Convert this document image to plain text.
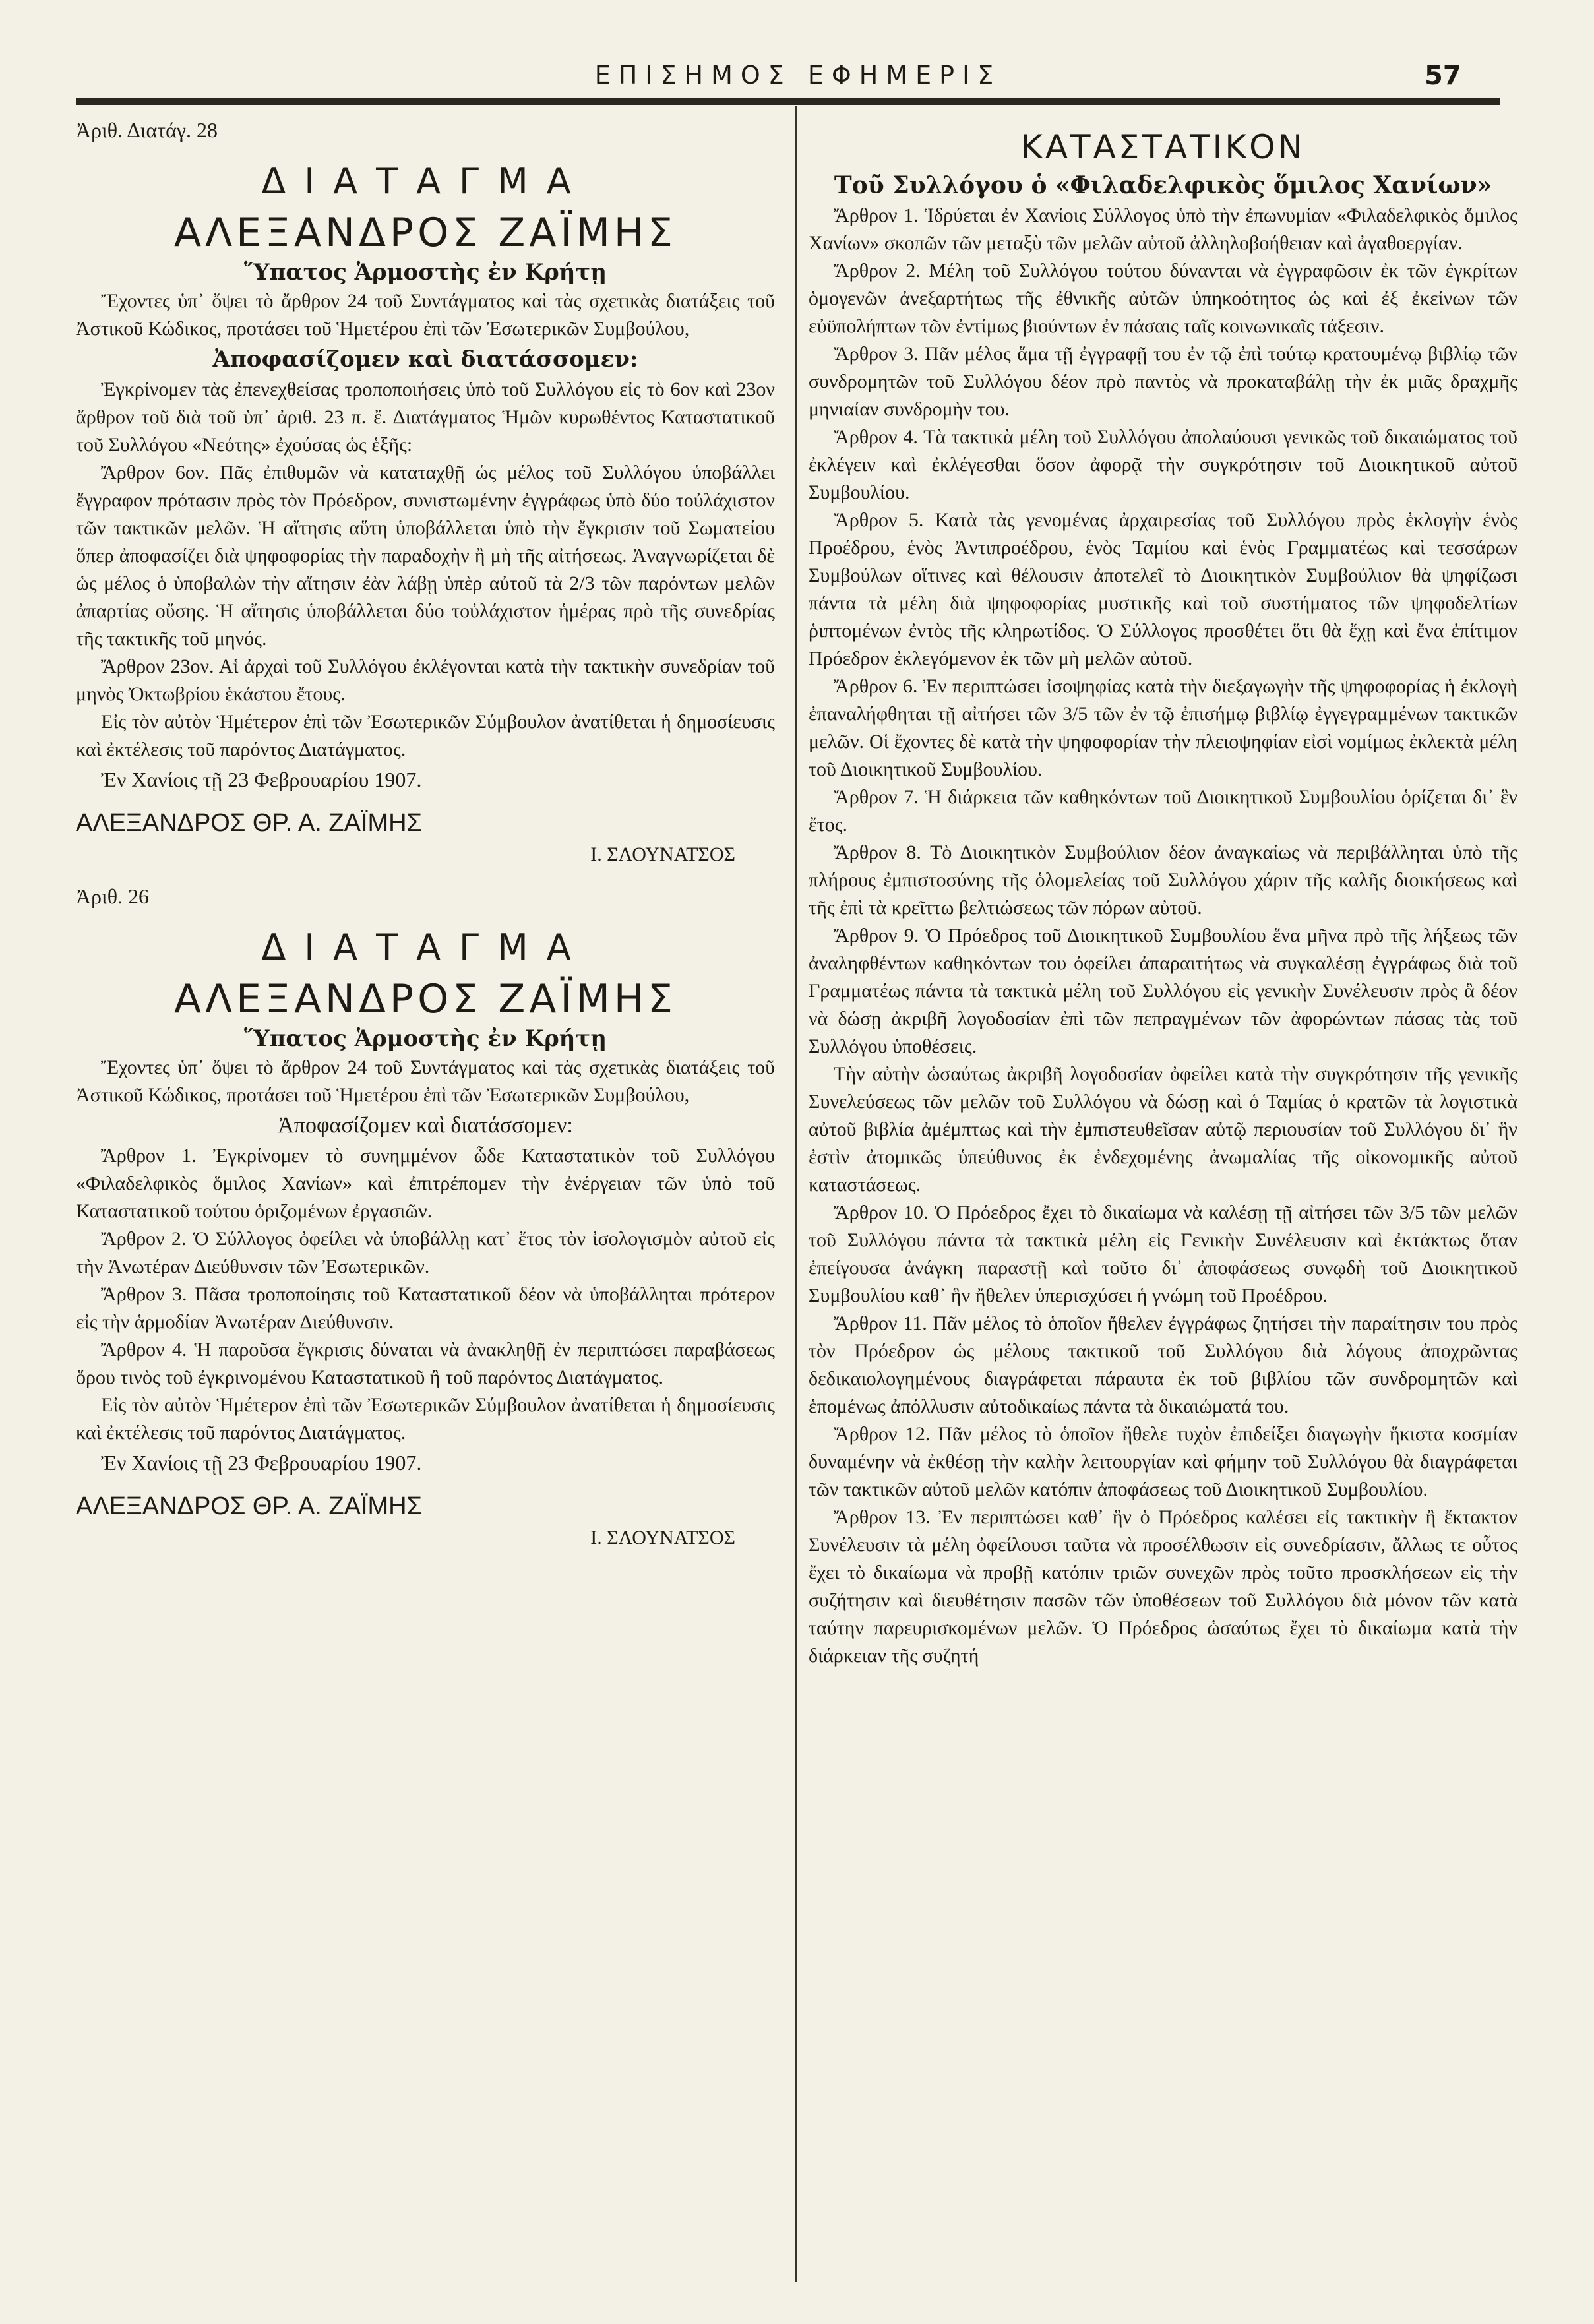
ΕΠΙΣΗΜΟΣ ΕΦΗΜΕΡΙΣ	57
Ἀριθ. Διατάγ. 28
ΔΙΑΤΑΓΜΑ
ΑΛΕΞΑΝΔΡΟΣ ΖΑΪΜΗΣ
Ὕπατος Ἁρμοστὴς ἐν Κρήτῃ

Ἔχοντες ὑπ᾽ ὄψει τὸ ἄρθρον 24 τοῦ Συντάγματος καὶ τὰς σχετικὰς διατάξεις τοῦ Ἀστικοῦ Κώδικος, προτάσει τοῦ Ἡμετέρου ἐπὶ τῶν Ἐσωτερικῶν Συμβούλου,

Ἀποφασίζομεν καὶ διατάσσομεν:

Ἐγκρίνομεν τὰς ἐπενεχθείσας τροποποιήσεις ὑπὸ τοῦ Συλλόγου εἰς τὸ 6ον καὶ 23ον ἄρθρον τοῦ διὰ τοῦ ὑπ᾽ ἀριθ. 23 π. ἔ. Διατάγματος Ἡμῶν κυρωθέντος Καταστατικοῦ τοῦ Συλλόγου «Νεότης» ἐχούσας ὡς ἑξῆς:

Ἄρθρον 6ον. Πᾶς ἐπιθυμῶν νὰ καταταχθῇ ὡς μέλος τοῦ Συλλόγου ὑποβάλλει ἔγγραφον πρότασιν πρὸς τὸν Πρόεδρον, συνιστωμένην ἐγγράφως ὑπὸ δύο τοὐλάχιστον τῶν τακτικῶν μελῶν. Ἡ αἴτησις αὕτη ὑποβάλλεται ὑπὸ τὴν ἔγκρισιν τοῦ Σωματείου ὅπερ ἀποφασίζει διὰ ψηφοφορίας τὴν παραδοχὴν ἢ μὴ τῆς αἰτήσεως. Ἀναγνωρίζεται δὲ ὡς μέλος ὁ ὑποβαλὼν τὴν αἴτησιν ἐὰν λάβῃ ὑπὲρ αὐτοῦ τὰ 2/3 τῶν παρόντων μελῶν ἀπαρτίας οὔσης. Ἡ αἴτησις ὑποβάλλεται δύο τοὐλάχιστον ἡμέρας πρὸ τῆς συνεδρίας τῆς τακτικῆς τοῦ μηνός.

Ἄρθρον 23ον. Αἱ ἀρχαὶ τοῦ Συλλόγου ἐκλέγονται κατὰ τὴν τακτικὴν συνεδρίαν τοῦ μηνὸς Ὀκτωβρίου ἑκάστου ἔτους.

Εἰς τὸν αὐτὸν Ἡμέτερον ἐπὶ τῶν Ἐσωτερικῶν Σύμβουλον ἀνατίθεται ἡ δημοσίευσις καὶ ἐκτέλεσις τοῦ παρόντος Διατάγματος.

Ἐν Χανίοις τῇ 23 Φεβρουαρίου 1907.
ΑΛΕΞΑΝΔΡΟΣ ΘΡ. Α. ΖΑΪΜΗΣ
Ι. ΣΛΟΥΝΑΤΣΟΣ
Ἀριθ. 26
ΔΙΑΤΑΓΜΑ
ΑΛΕΞΑΝΔΡΟΣ ΖΑΪΜΗΣ
Ὕπατος Ἁρμοστὴς ἐν Κρήτῃ

Ἔχοντες ὑπ᾽ ὄψει τὸ ἄρθρον 24 τοῦ Συντάγματος καὶ τὰς σχετικὰς διατάξεις τοῦ Ἀστικοῦ Κώδικος, προτάσει τοῦ Ἡμετέρου ἐπὶ τῶν Ἐσωτερικῶν Συμβούλου,

Ἀποφασίζομεν καὶ διατάσσομεν:

Ἄρθρον 1. Ἐγκρίνομεν τὸ συνημμένον ὧδε Καταστατικὸν τοῦ Συλλόγου «Φιλαδελφικὸς ὅμιλος Χανίων» καὶ ἐπιτρέπομεν τὴν ἐνέργειαν τῶν ὑπὸ τοῦ Καταστατικοῦ τούτου ὁριζομένων ἐργασιῶν.

Ἄρθρον 2. Ὁ Σύλλογος ὀφείλει νὰ ὑποβάλλῃ κατ᾽ ἔτος τὸν ἰσολογισμὸν αὐτοῦ εἰς τὴν Ἀνωτέραν Διεύθυνσιν τῶν Ἐσωτερικῶν.

Ἄρθρον 3. Πᾶσα τροποποίησις τοῦ Καταστατικοῦ δέον νὰ ὑποβάλληται πρότερον εἰς τὴν ἁρμοδίαν Ἀνωτέραν Διεύθυνσιν.

Ἄρθρον 4. Ἡ παροῦσα ἔγκρισις δύναται νὰ ἀνακληθῇ ἐν περιπτώσει παραβάσεως ὅρου τινὸς τοῦ ἐγκρινομένου Καταστατικοῦ ἢ τοῦ παρόντος Διατάγματος.

Εἰς τὸν αὐτὸν Ἡμέτερον ἐπὶ τῶν Ἐσωτερικῶν Σύμβουλον ἀνατίθεται ἡ δημοσίευσις καὶ ἐκτέλεσις τοῦ παρόντος Διατάγματος.

Ἐν Χανίοις τῇ 23 Φεβρουαρίου 1907.
ΑΛΕΞΑΝΔΡΟΣ ΘΡ. Α. ΖΑΪΜΗΣ
Ι. ΣΛΟΥΝΑΤΣΟΣ
ΚΑΤΑΣΤΑΤΙΚΟΝ
Τοῦ Συλλόγου ὁ «Φιλαδελφικὸς ὅμιλος Χανίων»

Ἄρθρον 1. Ἱδρύεται ἐν Χανίοις Σύλλογος ὑπὸ τὴν ἐπωνυμίαν «Φιλαδελφικὸς ὅμιλος Χανίων» σκοπῶν τῶν μεταξὺ τῶν μελῶν αὐτοῦ ἀλληλοβοήθειαν καὶ ἀγαθοεργίαν.

Ἄρθρον 2. Μέλη τοῦ Συλλόγου τούτου δύνανται νὰ ἐγγραφῶσιν ἐκ τῶν ἐγκρίτων ὁμογενῶν ἀνεξαρτήτως τῆς ἐθνικῆς αὐτῶν ὑπηκοότητος ὡς καὶ ἐξ ἐκείνων τῶν εὐϋπολήπτων τῶν ἐντίμως βιούντων ἐν πάσαις ταῖς κοινωνικαῖς τάξεσιν.

Ἄρθρον 3. Πᾶν μέλος ἅμα τῇ ἐγγραφῇ του ἐν τῷ ἐπὶ τούτῳ κρατουμένῳ βιβλίῳ τῶν συνδρομητῶν τοῦ Συλλόγου δέον πρὸ παντὸς νὰ προκαταβάλῃ τὴν ἐκ μιᾶς δραχμῆς μηνιαίαν συνδρομὴν του.

Ἄρθρον 4. Τὰ τακτικὰ μέλη τοῦ Συλλόγου ἀπολαύουσι γενικῶς τοῦ δικαιώματος τοῦ ἐκλέγειν καὶ ἐκλέγεσθαι ὅσον ἀφορᾷ τὴν συγκρότησιν τοῦ Διοικητικοῦ αὐτοῦ Συμβουλίου.

Ἄρθρον 5. Κατὰ τὰς γενομένας ἀρχαιρεσίας τοῦ Συλλόγου πρὸς ἐκλογὴν ἑνὸς Προέδρου, ἑνὸς Ἀντιπροέδρου, ἑνὸς Ταμίου καὶ ἑνὸς Γραμματέως καὶ τεσσάρων Συμβούλων οἵτινες καὶ θέλουσιν ἀποτελεῖ τὸ Διοικητικὸν Συμβούλιον θὰ ψηφίζωσι πάντα τὰ μέλη διὰ ψηφοφορίας μυστικῆς καὶ τοῦ συστήματος τῶν ψηφοδελτίων ῥιπτομένων ἐντὸς τῆς κληρωτίδος. Ὁ Σύλλογος προσθέτει ὅτι θὰ ἔχῃ καὶ ἕνα ἐπίτιμον Πρόεδρον ἐκλεγόμενον ἐκ τῶν μὴ μελῶν αὐτοῦ.

Ἄρθρον 6. Ἐν περιπτώσει ἰσοψηφίας κατὰ τὴν διεξαγωγὴν τῆς ψηφοφορίας ἡ ἐκλογὴ ἐπαναλήφθηται τῇ αἰτήσει τῶν 3/5 τῶν ἐν τῷ ἐπισήμῳ βιβλίῳ ἐγγεγραμμένων τακτικῶν μελῶν. Οἱ ἔχοντες δὲ κατὰ τὴν ψηφοφορίαν τὴν πλειοψηφίαν εἰσὶ νομίμως ἐκλεκτὰ μέλη τοῦ Διοικητικοῦ Συμβουλίου.

Ἄρθρον 7. Ἡ διάρκεια τῶν καθηκόντων τοῦ Διοικητικοῦ Συμβουλίου ὁρίζεται δι᾽ ἓν ἔτος.

Ἄρθρον 8. Τὸ Διοικητικὸν Συμβούλιον δέον ἀναγκαίως νὰ περιβάλληται ὑπὸ τῆς πλήρους ἐμπιστοσύνης τῆς ὁλομελείας τοῦ Συλλόγου χάριν τῆς καλῆς διοικήσεως καὶ τῆς ἐπὶ τὰ κρεῖττω βελτιώσεως τῶν πόρων αὐτοῦ.

Ἄρθρον 9. Ὁ Πρόεδρος τοῦ Διοικητικοῦ Συμβουλίου ἕνα μῆνα πρὸ τῆς λήξεως τῶν ἀναληφθέντων καθηκόντων του ὀφείλει ἀπαραιτήτως νὰ συγκαλέσῃ ἐγγράφως διὰ τοῦ Γραμματέως πάντα τὰ τακτικὰ μέλη τοῦ Συλλόγου εἰς γενικὴν Συνέλευσιν πρὸς ἃ δέον νὰ δώσῃ ἀκριβῆ λογοδοσίαν ἐπὶ τῶν πεπραγμένων τῶν ἀφορώντων πάσας τὰς τοῦ Συλλόγου ὑποθέσεις.

Τὴν αὐτὴν ὡσαύτως ἀκριβῆ λογοδοσίαν ὀφείλει κατὰ τὴν συγκρότησιν τῆς γενικῆς Συνελεύσεως τῶν μελῶν τοῦ Συλλόγου νὰ δώσῃ καὶ ὁ Ταμίας ὁ κρατῶν τὰ λογιστικὰ αὐτοῦ βιβλία ἀμέμπτως καὶ τὴν ἐμπιστευθεῖσαν αὐτῷ περιουσίαν τοῦ Συλλόγου δι᾽ ἣν ἐστὶν ἀτομικῶς ὑπεύθυνος ἐκ ἐνδεχομένης ἀνωμαλίας τῆς οἰκονομικῆς αὐτοῦ καταστάσεως.

Ἄρθρον 10. Ὁ Πρόεδρος ἔχει τὸ δικαίωμα νὰ καλέσῃ τῇ αἰτήσει τῶν 3/5 τῶν μελῶν τοῦ Συλλόγου πάντα τὰ τακτικὰ μέλη εἰς Γενικὴν Συνέλευσιν καὶ ἐκτάκτως ὅταν ἐπείγουσα ἀνάγκη παραστῇ καὶ τοῦτο δι᾽ ἀποφάσεως συνῳδὴ τοῦ Διοικητικοῦ Συμβουλίου καθ᾽ ἣν ἤθελεν ὑπερισχύσει ἡ γνώμη τοῦ Προέδρου.

Ἄρθρον 11. Πᾶν μέλος τὸ ὁποῖον ἤθελεν ἐγγράφως ζητήσει τὴν παραίτησιν του πρὸς τὸν Πρόεδρον ὡς μέλους τακτικοῦ τοῦ Συλλόγου διὰ λόγους ἀποχρῶντας δεδικαιολογημένους διαγράφεται πάραυτα ἐκ τοῦ βιβλίου τῶν συνδρομητῶν καὶ ἑπομένως ἀπόλλυσιν αὐτοδικαίως πάντα τὰ δικαιώματά του.

Ἄρθρον 12. Πᾶν μέλος τὸ ὁποῖον ἤθελε τυχὸν ἐπιδείξει διαγωγὴν ἥκιστα κοσμίαν δυναμένην νὰ ἐκθέσῃ τὴν καλὴν λειτουργίαν καὶ φήμην τοῦ Συλλόγου θὰ διαγράφεται τῶν τακτικῶν αὐτοῦ μελῶν κατόπιν ἀποφάσεως τοῦ Διοικητικοῦ Συμβουλίου.

Ἄρθρον 13. Ἐν περιπτώσει καθ᾽ ἣν ὁ Πρόεδρος καλέσει εἰς τακτικὴν ἢ ἔκτακτον Συνέλευσιν τὰ μέλη ὀφείλουσι ταῦτα νὰ προσέλθωσιν εἰς συνεδρίασιν, ἄλλως τε οὗτος ἔχει τὸ δικαίωμα νὰ προβῇ κατόπιν τριῶν συνεχῶν πρὸς τοῦτο προσκλήσεων εἰς τὴν συζήτησιν καὶ διευθέτησιν πασῶν τῶν ὑποθέσεων τοῦ Συλλόγου διὰ μόνον τῶν κατὰ ταύτην παρευρισκομένων μελῶν. Ὁ Πρόεδρος ὡσαύτως ἔχει τὸ δικαίωμα κατὰ τὴν διάρκειαν τῆς συζητή
